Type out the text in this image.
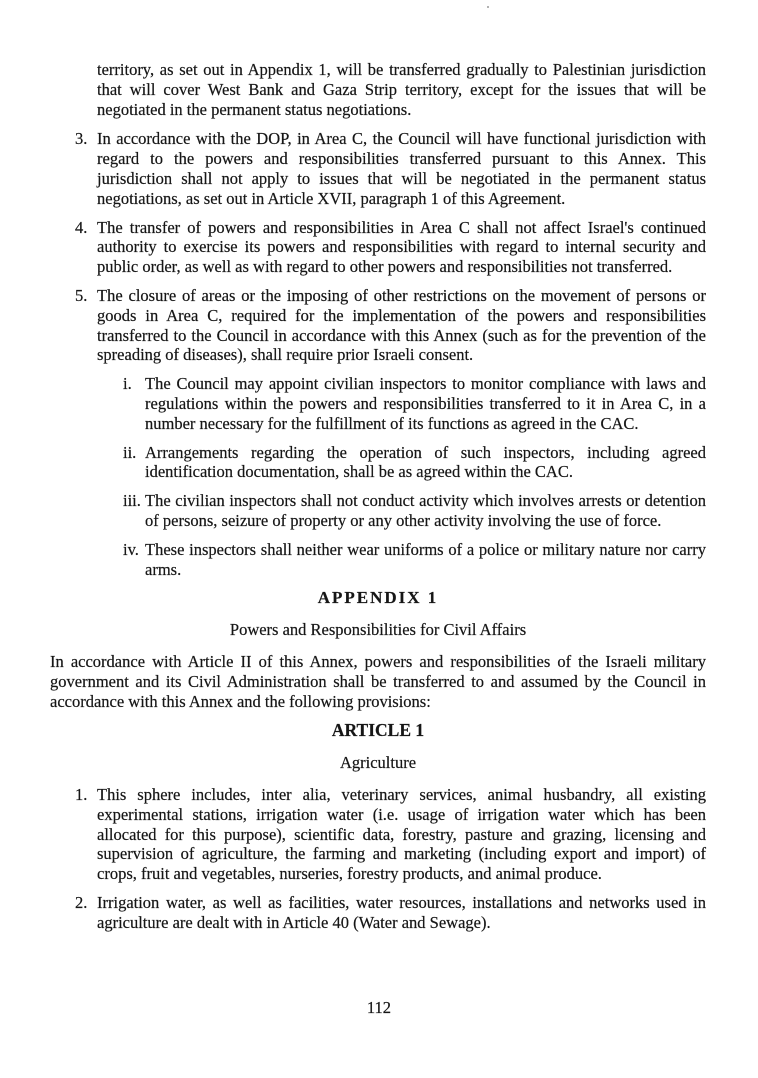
territory, as set out in Appendix 1, will be transferred gradually to Palestinian jurisdiction that will cover West Bank and Gaza Strip territory, except for the issues that will be negotiated in the permanent status negotiations.

3. In accordance with the DOP, in Area C, the Council will have functional jurisdiction with regard to the powers and responsibilities transferred pursuant to this Annex. This jurisdiction shall not apply to issues that will be negotiated in the permanent status negotiations, as set out in Article XVII, paragraph 1 of this Agreement.
4. The transfer of powers and responsibilities in Area C shall not affect Israel's continued authority to exercise its powers and responsibilities with regard to internal security and public order, as well as with regard to other powers and responsibilities not transferred.
5. The closure of areas or the imposing of other restrictions on the movement of persons or goods in Area C, required for the implementation of the powers and responsibilities transferred to the Council in accordance with this Annex (such as for the prevention of the spreading of diseases), shall require prior Israeli consent.
i. The Council may appoint civilian inspectors to monitor compliance with laws and regulations within the powers and responsibilities transferred to it in Area C, in a number necessary for the fulfillment of its functions as agreed in the CAC.
ii. Arrangements regarding the operation of such inspectors, including agreed identification documentation, shall be as agreed within the CAC.
iii. The civilian inspectors shall not conduct activity which involves arrests or detention of persons, seizure of property or any other activity involving the use of force.
iv. These inspectors shall neither wear uniforms of a police or military nature nor carry arms.
APPENDIX 1
Powers and Responsibilities for Civil Affairs

In accordance with Article II of this Annex, powers and responsibilities of the Israeli military government and its Civil Administration shall be transferred to and assumed by the Council in accordance with this Annex and the following provisions:

ARTICLE 1
Agriculture
1. This sphere includes, inter alia, veterinary services, animal husbandry, all existing experimental stations, irrigation water (i.e. usage of irrigation water which has been allocated for this purpose), scientific data, forestry, pasture and grazing, licensing and supervision of agriculture, the farming and marketing (including export and import) of crops, fruit and vegetables, nurseries, forestry products, and animal produce.
2. Irrigation water, as well as facilities, water resources, installations and networks used in agriculture are dealt with in Article 40 (Water and Sewage).
112
